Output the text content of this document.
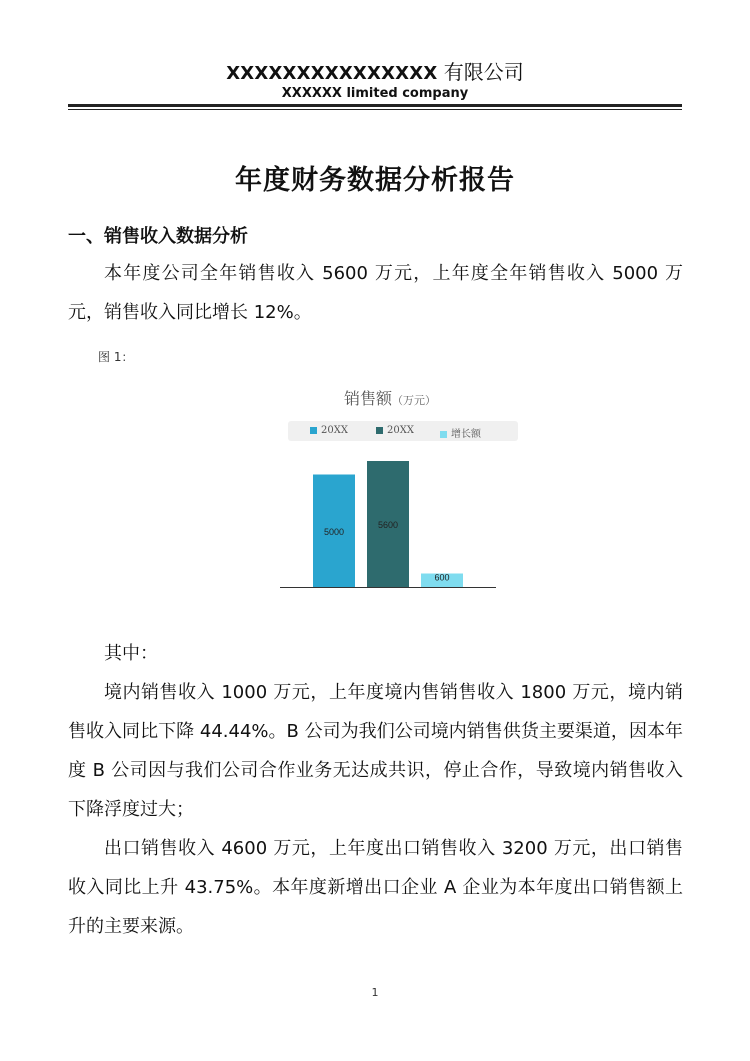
XXXXXXXXXXXXXXX 有限公司
XXXXXX limited company
年度财务数据分析报告
一、销售收入数据分析

本年度公司全年销售收入 5600 万元，上年度全年销售收入 5000 万元，销售收入同比增长 12%。

图 1：
销售额（万元）
20XX	20XX	增长额
5000
5600
600

其中：

境内销售收入 1000 万元，上年度境内售销售收入 1800 万元，境内销售收入同比下降 44.44%。B 公司为我们公司境内销售供货主要渠道，因本年度 B 公司因与我们公司合作业务无达成共识，停止合作，导致境内销售收入下降浮度过大；

出口销售收入 4600 万元，上年度出口销售收入 3200 万元，出口销售收入同比上升 43.75%。本年度新增出口企业 A 企业为本年度出口销售额上升的主要来源。

1
